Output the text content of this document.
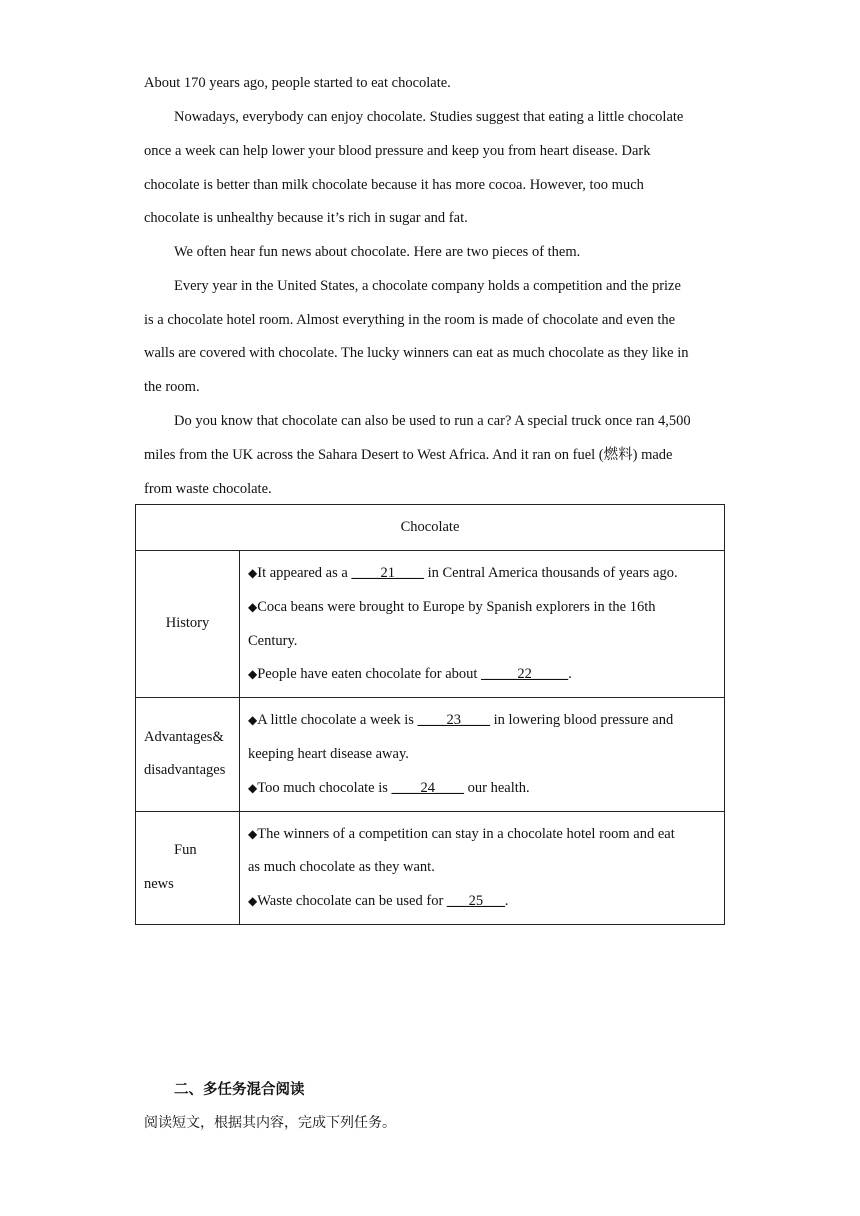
About 170 years ago, people started to eat chocolate.
Nowadays, everybody can enjoy chocolate. Studies suggest that eating a little chocolate
once a week can help lower your blood pressure and keep you from heart disease. Dark
chocolate is better than milk chocolate because it has more cocoa. However, too much
chocolate is unhealthy because it’s rich in sugar and fat.
We often hear fun news about chocolate. Here are two pieces of them.
Every year in the United States, a chocolate company holds a competition and the prize
is a chocolate hotel room. Almost everything in the room is made of chocolate and even the
walls are covered with chocolate. The lucky winners can eat as much chocolate as they like in
the room.
Do you know that chocolate can also be used to run a car? A special truck once ran 4,500
miles from the UK across the Sahara Desert to West Africa. And it ran on fuel (燃料) made
from waste chocolate.
Chocolate	
History	◆It appeared as a ____21____ in Central America thousands of years ago.
◆Coca beans were brought to Europe by Spanish explorers in the 16th
Century.
◆People have eaten chocolate for about _____22_____.

Advantages&
disadvantages	◆A little chocolate a week is ____23____ in lowering blood pressure and
keeping heart disease away.
◆Too much chocolate is ____24____ our health.

Fun
news	◆The winners of a competition can stay in a chocolate hotel room and eat
as much chocolate as they want.
◆Waste chocolate can be used for ___25___.
二、多任务混合阅读
阅读短文，根据其内容，完成下列任务。
